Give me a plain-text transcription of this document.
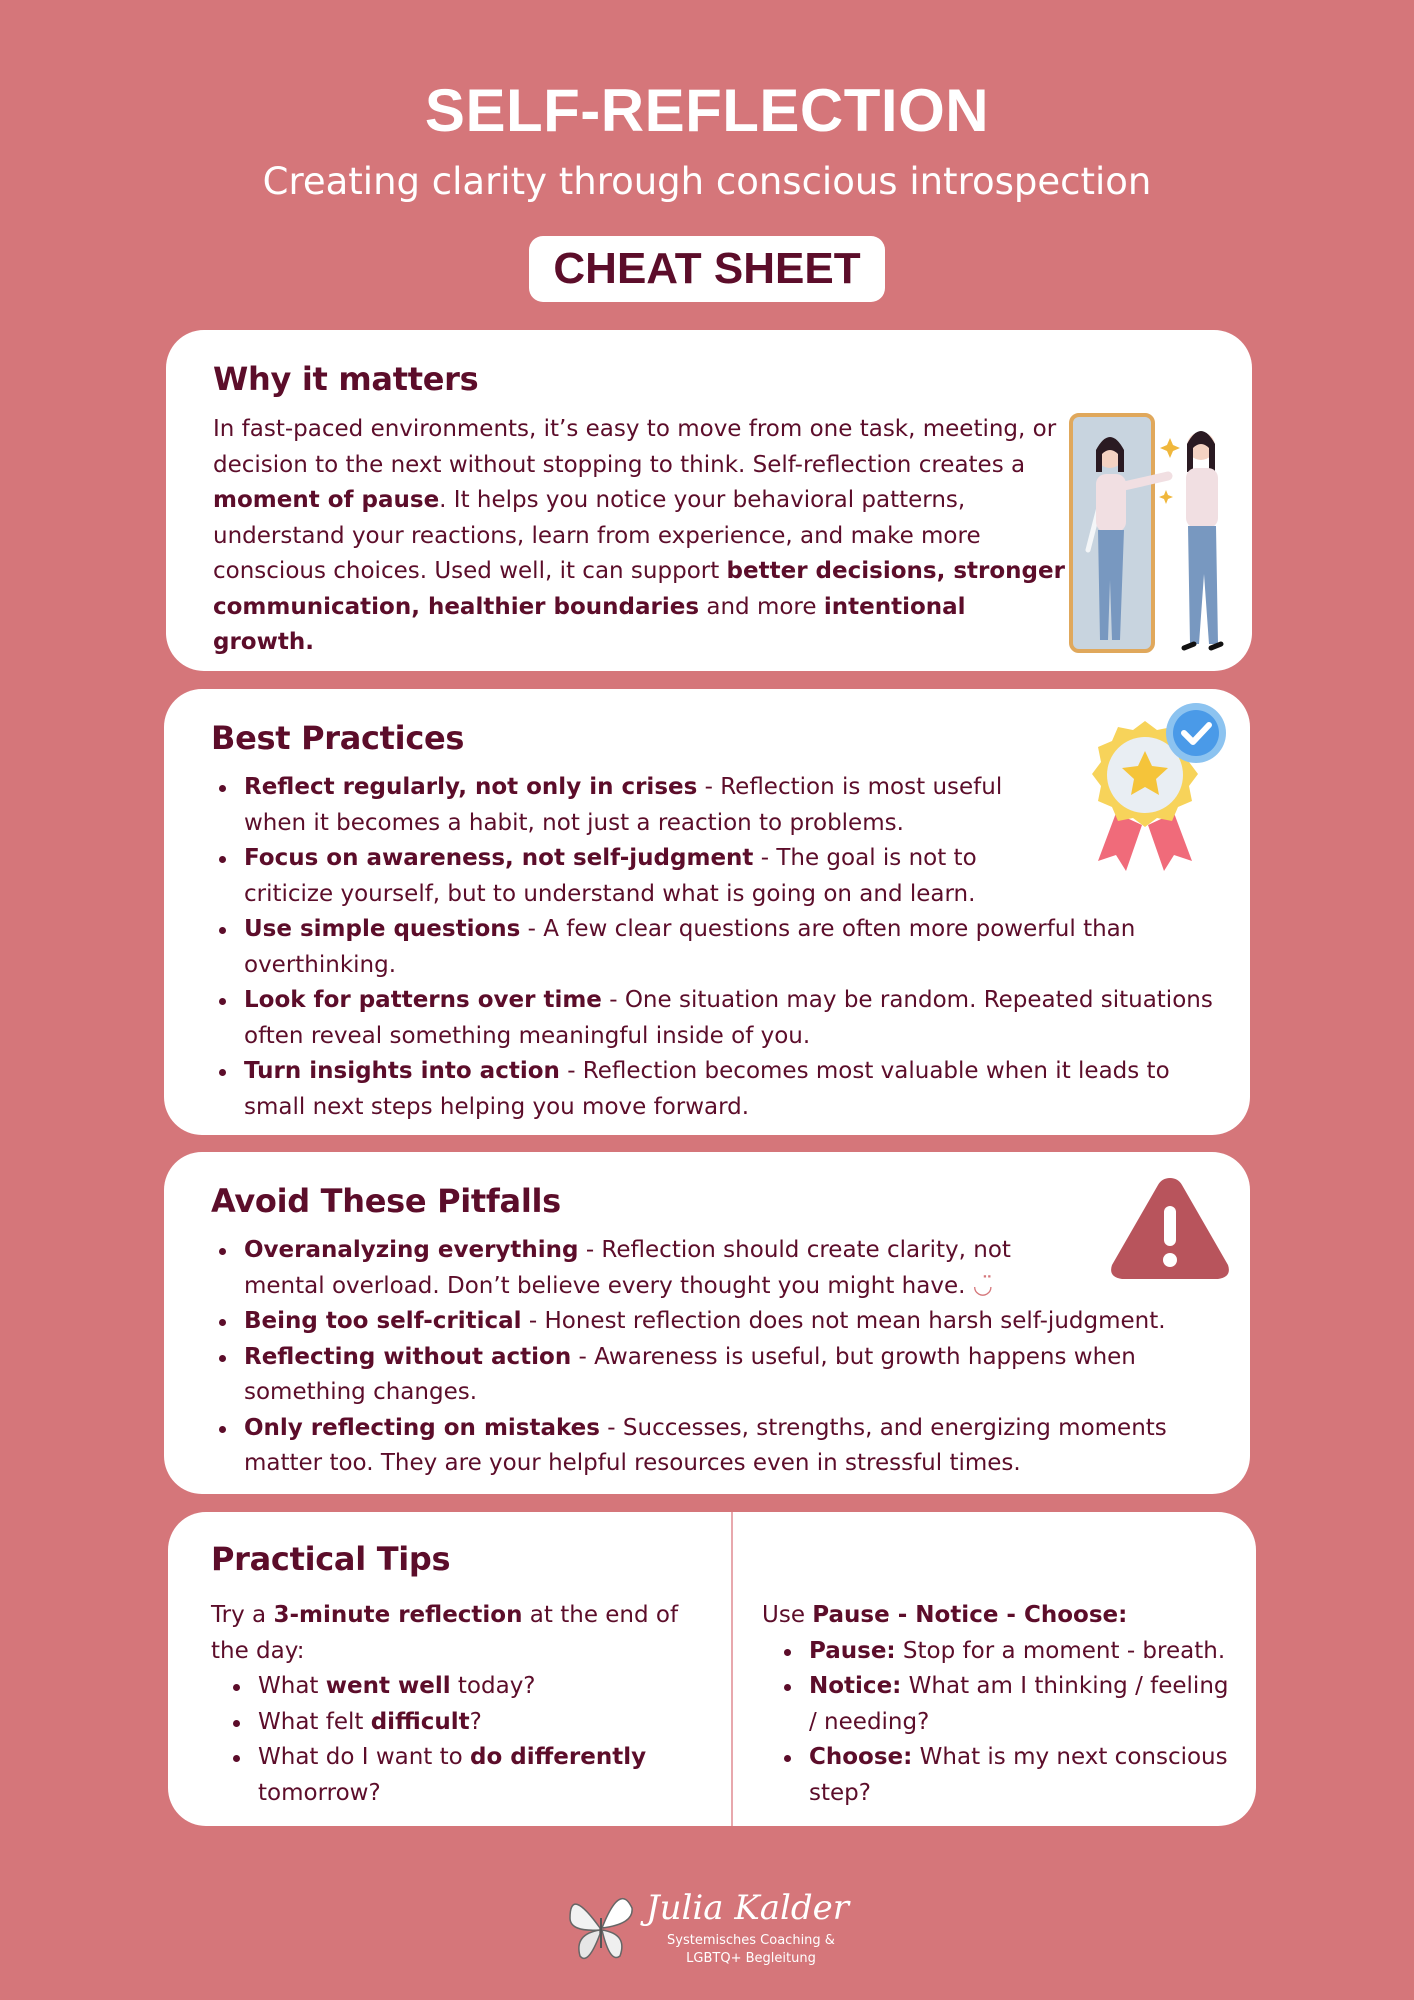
SELF-REFLECTION
Creating clarity through conscious introspection
CHEAT SHEET
Why it matters

In fast-paced environments, it’s easy to move from one task, meeting, or decision to the next without stopping to think. Self-reflection creates a moment of pause. It helps you notice your behavioral patterns, understand your reactions, learn from experience, and make more conscious choices. Used well, it can support better decisions, stronger communication, healthier boundaries and more intentional growth.

Best Practices
Reflect regularly, not only in crises - Reflection is most useful when it becomes a habit, not just a reaction to problems.
Focus on awareness, not self-judgment - The goal is not to criticize yourself, but to understand what is going on and learn.
Use simple questions - A few clear questions are often more powerful than overthinking.
Look for patterns over time - One situation may be random. Repeated situations often reveal something meaningful inside of you.
Turn insights into action - Reflection becomes most valuable when it leads to small next steps helping you move forward.
Avoid These Pitfalls
Overanalyzing everything - Reflection should create clarity, not mental overload. Don’t believe every thought you might have. ◡̈
Being too self-critical - Honest reflection does not mean harsh self-judgment.
Reflecting without action - Awareness is useful, but growth happens when something changes.
Only reflecting on mistakes - Successes, strengths, and energizing moments matter too. They are your helpful resources even in stressful times.
Practical Tips

Try a 3-minute reflection at the end of the day:

What went well today?
What felt difficult?
What do I want to do differently tomorrow?

Use Pause - Notice - Choose:

Pause: Stop for a moment - breath.
Notice: What am I thinking / feeling / needing?
Choose: What is my next conscious step?
Julia Kalder
Systemisches Coaching &
LGBTQ+ Begleitung
